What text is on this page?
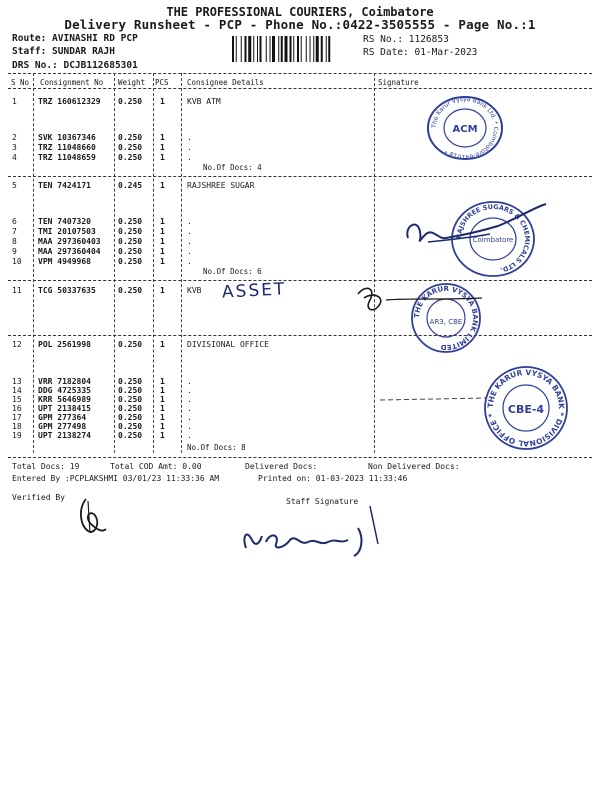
THE PROFESSIONAL COURIERS, Coimbatore
Delivery Runsheet - PCP - Phone No.:0422-3505555 - Page No.:1
Route: AVINASHI RD PCP
Staff: SUNDAR RAJH
DRS No.: DCJB112685301
RS No.: 1126853
RS Date: 01-Mar-2023
S No Consignment No Weight PCS Consignee Details	Signature
1	TRZ 160612329 0.250 1	KVB ATM
2	SVK 10367346	0.250 1	.
3	TRZ 11048660	0.250 1	.
4	TRZ 11048659	0.250 1	.
No.Of Docs: 4
5	TEN 7424171	0.245 1	RAJSHREE SUGAR
6	TEN 7407320	0.250 1	.
7	TMI 20107503	0.250 1	.
8	MAA 297360403 0.250 1	.
9	MAA 297360404 0.250 1	.
10 VPM 4949968	0.250 1	.
No.Of Docs: 6
11 TCG 50337635	0.250 1	KVB ASSET
12 POL 2561998	0.250 1	DIVISIONAL OFFICE
13 VRR 7182804	0.250 1	.
14 DDG 4725335	0.250 1	.
15 KRR 5646989	0.250 1	.
16 UPT 2138415	0.250 1	.
17 GPM 277364	0.250 1	.
18 GPM 277498	0.250 1	.
19 UPT 2138274	0.250 1	.
No.Of Docs: 8
Total Docs: 19	Total COD Amt: 0.00	Delivered Docs:	Non Delivered Docs:
Entered By :PCPLAKSHMI 03/01/23 11:33:36 AM	Printed on: 01-03-2023 11:33:46
Verified By	Staff Signature
The Karur Vysya Bank Ltd. * Coimbatore-641018 *
ACM
RAJSHREE SUGARS & CHEMICALS LTD.
Coimbatore
THE KARUR VYSYA BANK LIMITED
AR3, CBE
THE KARUR VYSYA BANK * DIVISIONAL OFFICE *	CBE-4
